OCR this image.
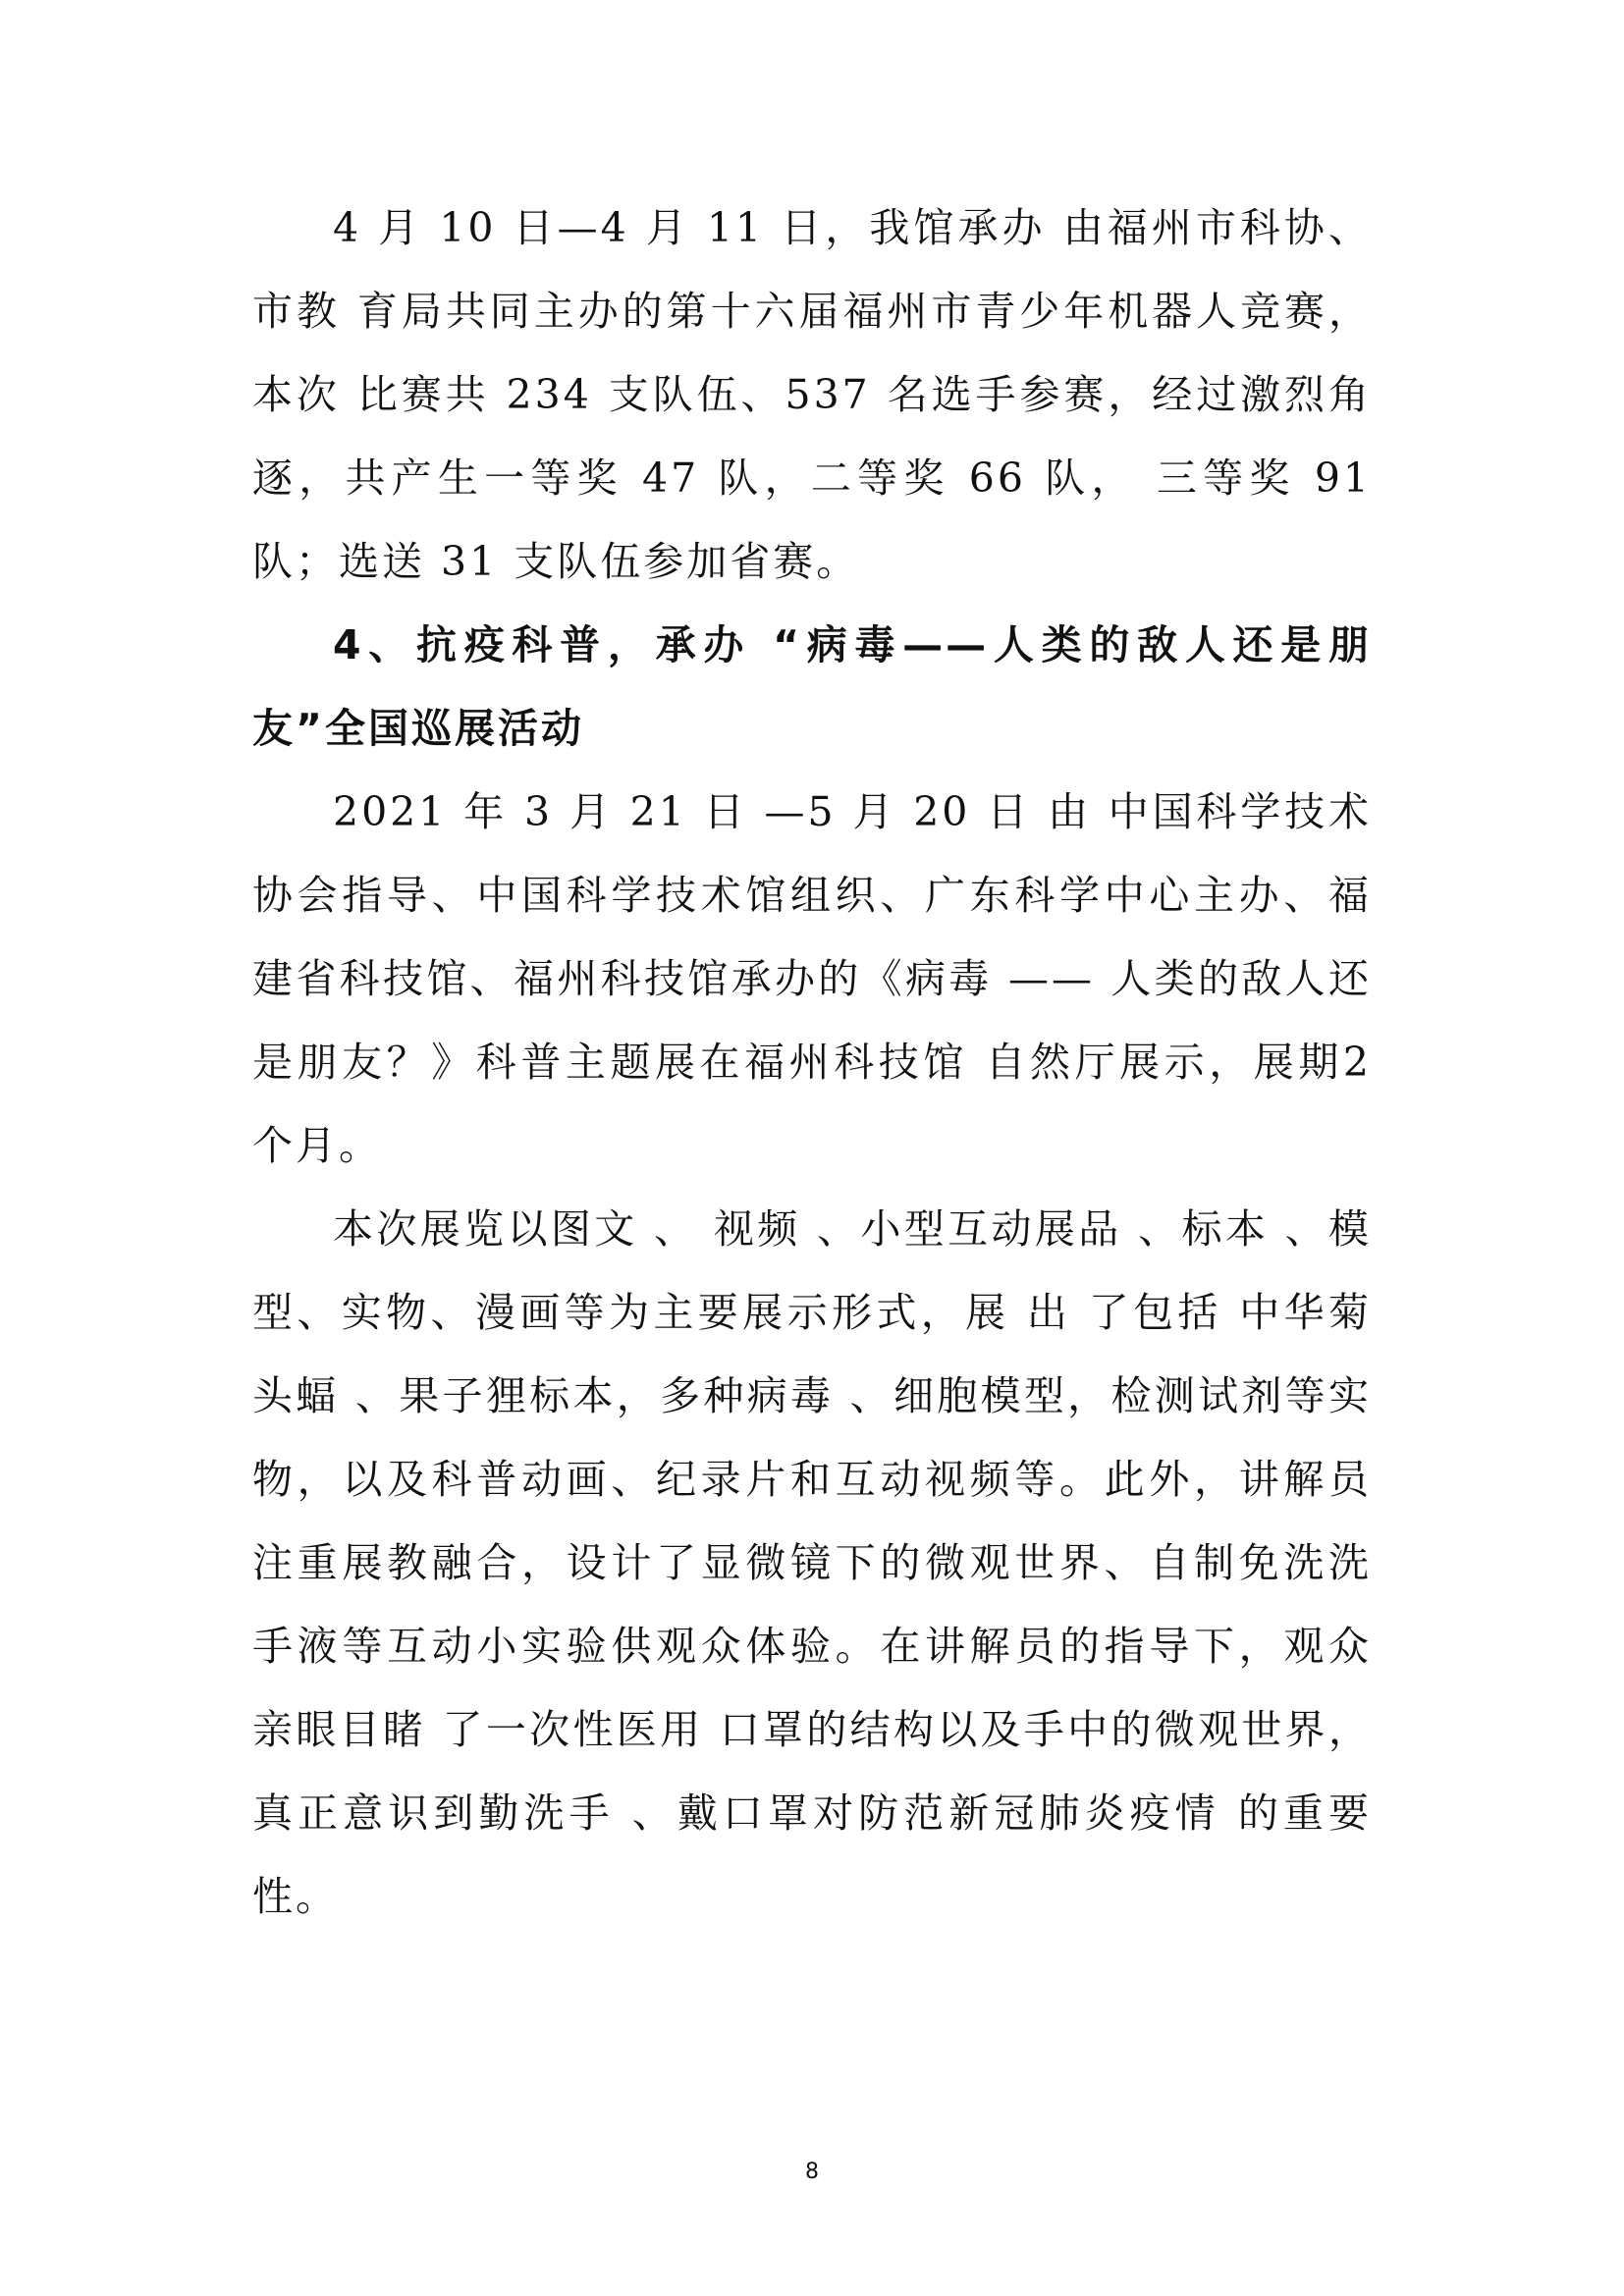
4 月 10 日—4 月 11 日，我馆承办 由福州市科协、市教 育局共同主办的第十六届福州市青少年机器人竞赛，本次 比赛共 234 支队伍、537 名选手参赛，经过激烈角逐，共产生一等奖 47 队，二等奖 66 队， 三等奖 91 队；选送 31 支队伍参加省赛。

4、抗疫科普，承办 “病毒——人类的敌人还是朋友”全国巡展活动

2021 年 3 月 21 日 —5 月 20 日 由 中国科学技术协会指导、中国科学技术馆组织、广东科学中心主办、福建省科技馆、福州科技馆承办的《病毒 —— 人类的敌人还是朋友？》科普主题展在福州科技馆 自然厅展示，展期2个月。

本次展览以图文 、 视频 、小型互动展品 、标本 、模 型、实物、漫画等为主要展示形式，展 出 了包括 中华菊头蝠 、果子狸标本，多种病毒 、细胞模型，检测试剂等实物，以及科普动画、纪录片和互动视频等。此外，讲解员注重展教融合，设计了显微镜下的微观世界、自制免洗洗手液等互动小实验供观众体验。在讲解员的指导下，观众亲眼目睹 了一次性医用 口罩的结构以及手中的微观世界，真正意识到勤洗手 、戴口罩对防范新冠肺炎疫情 的重要性。

8
